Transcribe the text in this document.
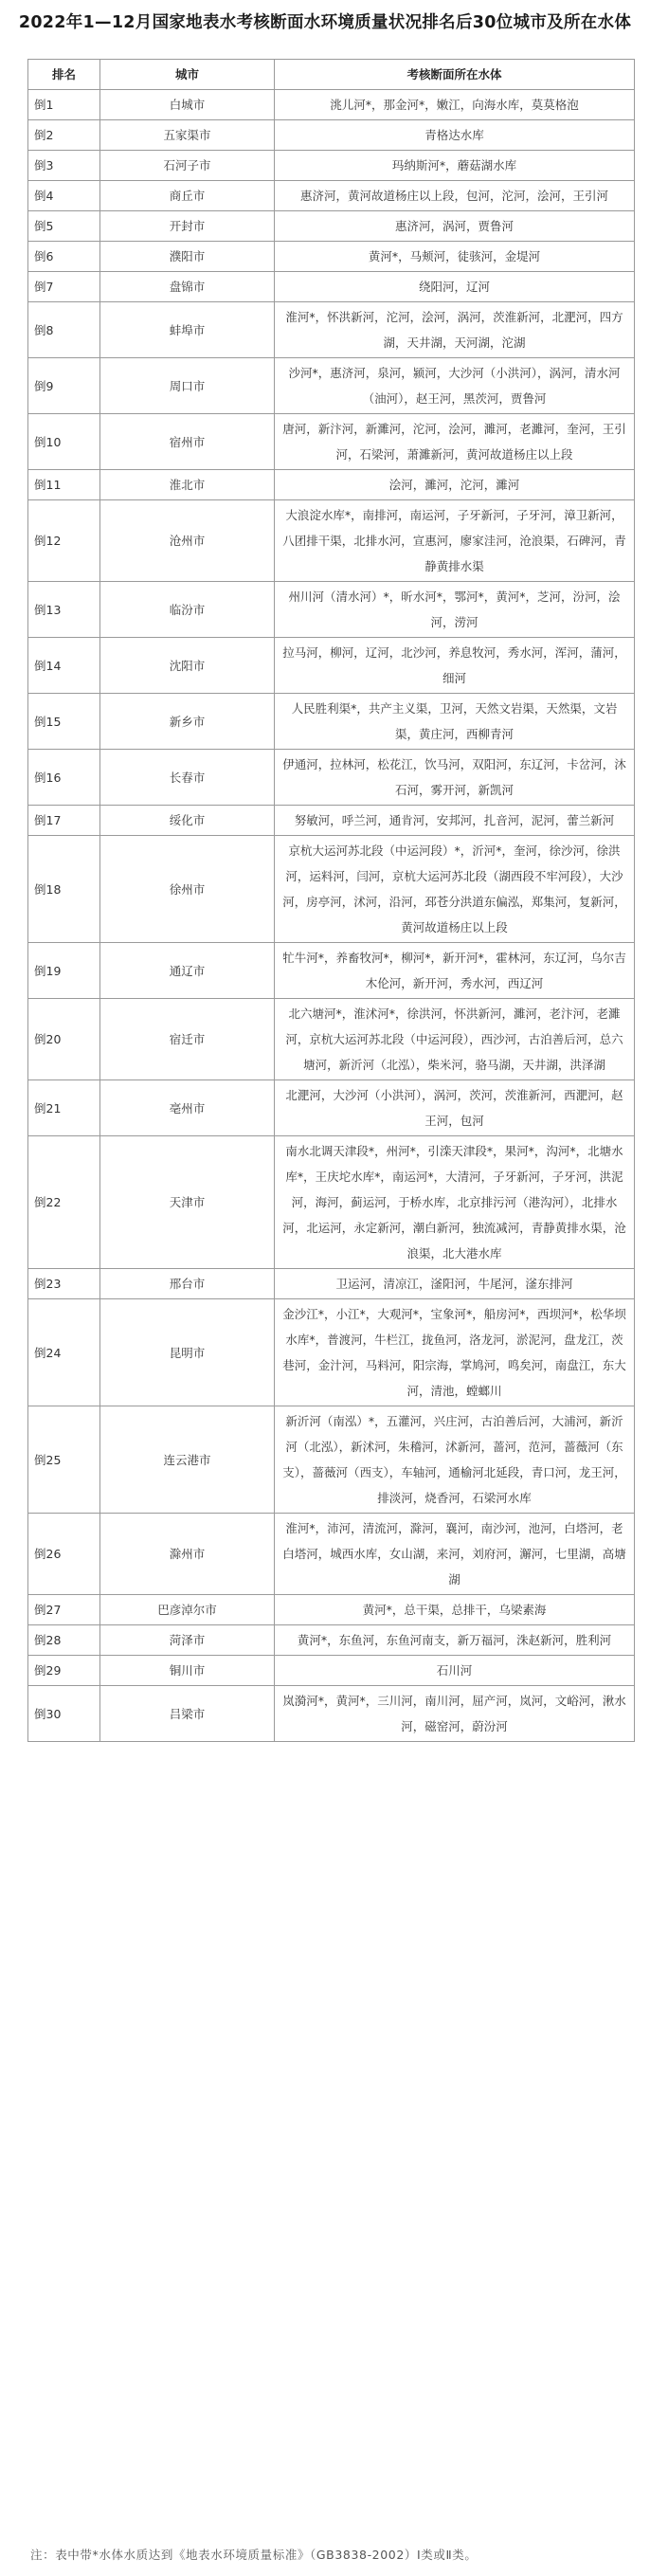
2022年1—12月国家地表水考核断面水环境质量状况排名后30位城市及所在水体
排名	城市	考核断面所在水体
倒1	白城市	洮儿河*，那金河*，嫩江，向海水库，莫莫格泡
倒2	五家渠市	青格达水库
倒3	石河子市	玛纳斯河*，蘑菇湖水库
倒4	商丘市	惠济河，黄河故道杨庄以上段，包河，沱河，浍河，王引河
倒5	开封市	惠济河，涡河，贾鲁河
倒6	濮阳市	黄河*，马颊河，徒骇河，金堤河
倒7	盘锦市	绕阳河，辽河
倒8	蚌埠市	淮河*，怀洪新河，沱河，浍河，涡河，茨淮新河，北淝河，四方湖，天井湖，天河湖，沱湖
倒9	周口市	沙河*，惠济河，泉河，颍河，大沙河（小洪河），涡河，清水河（油河），赵王河，黑茨河，贾鲁河
倒10	宿州市	唐河，新汴河，新濉河，沱河，浍河，濉河，老濉河，奎河，王引河，石梁河，萧濉新河，黄河故道杨庄以上段
倒11	淮北市	浍河，濉河，沱河，濉河
倒12	沧州市	大浪淀水库*，南排河，南运河，子牙新河，子牙河，漳卫新河，八团排干渠，北排水河，宣惠河，廖家洼河，沧浪渠，石碑河，青静黄排水渠
倒13	临汾市	州川河（清水河）*，昕水河*，鄂河*，黄河*，芝河，汾河，浍河，涝河
倒14	沈阳市	拉马河，柳河，辽河，北沙河，养息牧河，秀水河，浑河，蒲河，细河
倒15	新乡市	人民胜利渠*，共产主义渠，卫河，天然文岩渠，天然渠，文岩渠，黄庄河，西柳青河
倒16	长春市	伊通河，拉林河，松花江，饮马河，双阳河，东辽河，卡岔河，沐石河，雾开河，新凯河
倒17	绥化市	努敏河，呼兰河，通肯河，安邦河，扎音河，泥河，蕾兰新河
倒18	徐州市	京杭大运河苏北段（中运河段）*，沂河*，奎河，徐沙河，徐洪河，运料河，闫河，京杭大运河苏北段（湖西段不牢河段），大沙河，房亭河，沭河，沿河，邳苍分洪道东偏泓，郑集河，复新河，黄河故道杨庄以上段
倒19	通辽市	牤牛河*，养畜牧河*，柳河*，新开河*，霍林河，东辽河，乌尔吉木伦河，新开河，秀水河，西辽河
倒20	宿迁市	北六塘河*，淮沭河*，徐洪河，怀洪新河，濉河，老汴河，老濉河，京杭大运河苏北段（中运河段），西沙河，古泊善后河，总六塘河，新沂河（北泓），柴米河，骆马湖，天井湖，洪泽湖
倒21	亳州市	北淝河，大沙河（小洪河），涡河，茨河，茨淮新河，西淝河，赵王河，包河
倒22	天津市	南水北调天津段*，州河*，引滦天津段*，果河*，沟河*，北塘水库*，王庆坨水库*，南运河*，大清河，子牙新河，子牙河，洪泥河，海河，蓟运河，于桥水库，北京排污河（港沟河），北排水河，北运河，永定新河，潮白新河，独流减河，青静黄排水渠，沧浪渠，北大港水库
倒23	邢台市	卫运河，清凉江，滏阳河，牛尾河，滏东排河
倒24	昆明市	金沙江*，小江*，大观河*，宝象河*，船房河*，西坝河*，松华坝水库*，普渡河，牛栏江，拢鱼河，洛龙河，淤泥河，盘龙江，茨巷河，金汁河，马料河，阳宗海，掌鸠河，鸣矣河，南盘江，东大河，清池，螳螂川
倒25	连云港市	新沂河（南泓）*，五灌河，兴庄河，古泊善后河，大浦河，新沂河（北泓），新沭河，朱稽河，沭新河，蔷河，范河，蔷薇河（东支），蔷薇河（西支），车轴河，通榆河北延段，青口河，龙王河，排淡河，烧香河，石梁河水库
倒26	滁州市	淮河*，沛河，清流河，滁河，襄河，南沙河，池河，白塔河，老白塔河，城西水库，女山湖，来河，刘府河，澥河，七里湖，高塘湖
倒27	巴彦淖尔市	黄河*，总干渠，总排干，乌梁素海
倒28	菏泽市	黄河*，东鱼河，东鱼河南支，新万福河，洙赵新河，胜利河
倒29	铜川市	石川河
倒30	吕梁市	岚漪河*，黄河*，三川河，南川河，屈产河，岚河，文峪河，湫水河，磁窑河，蔚汾河
注：表中带*水体水质达到《地表水环境质量标准》（GB3838-2002）Ⅰ类或Ⅱ类。
